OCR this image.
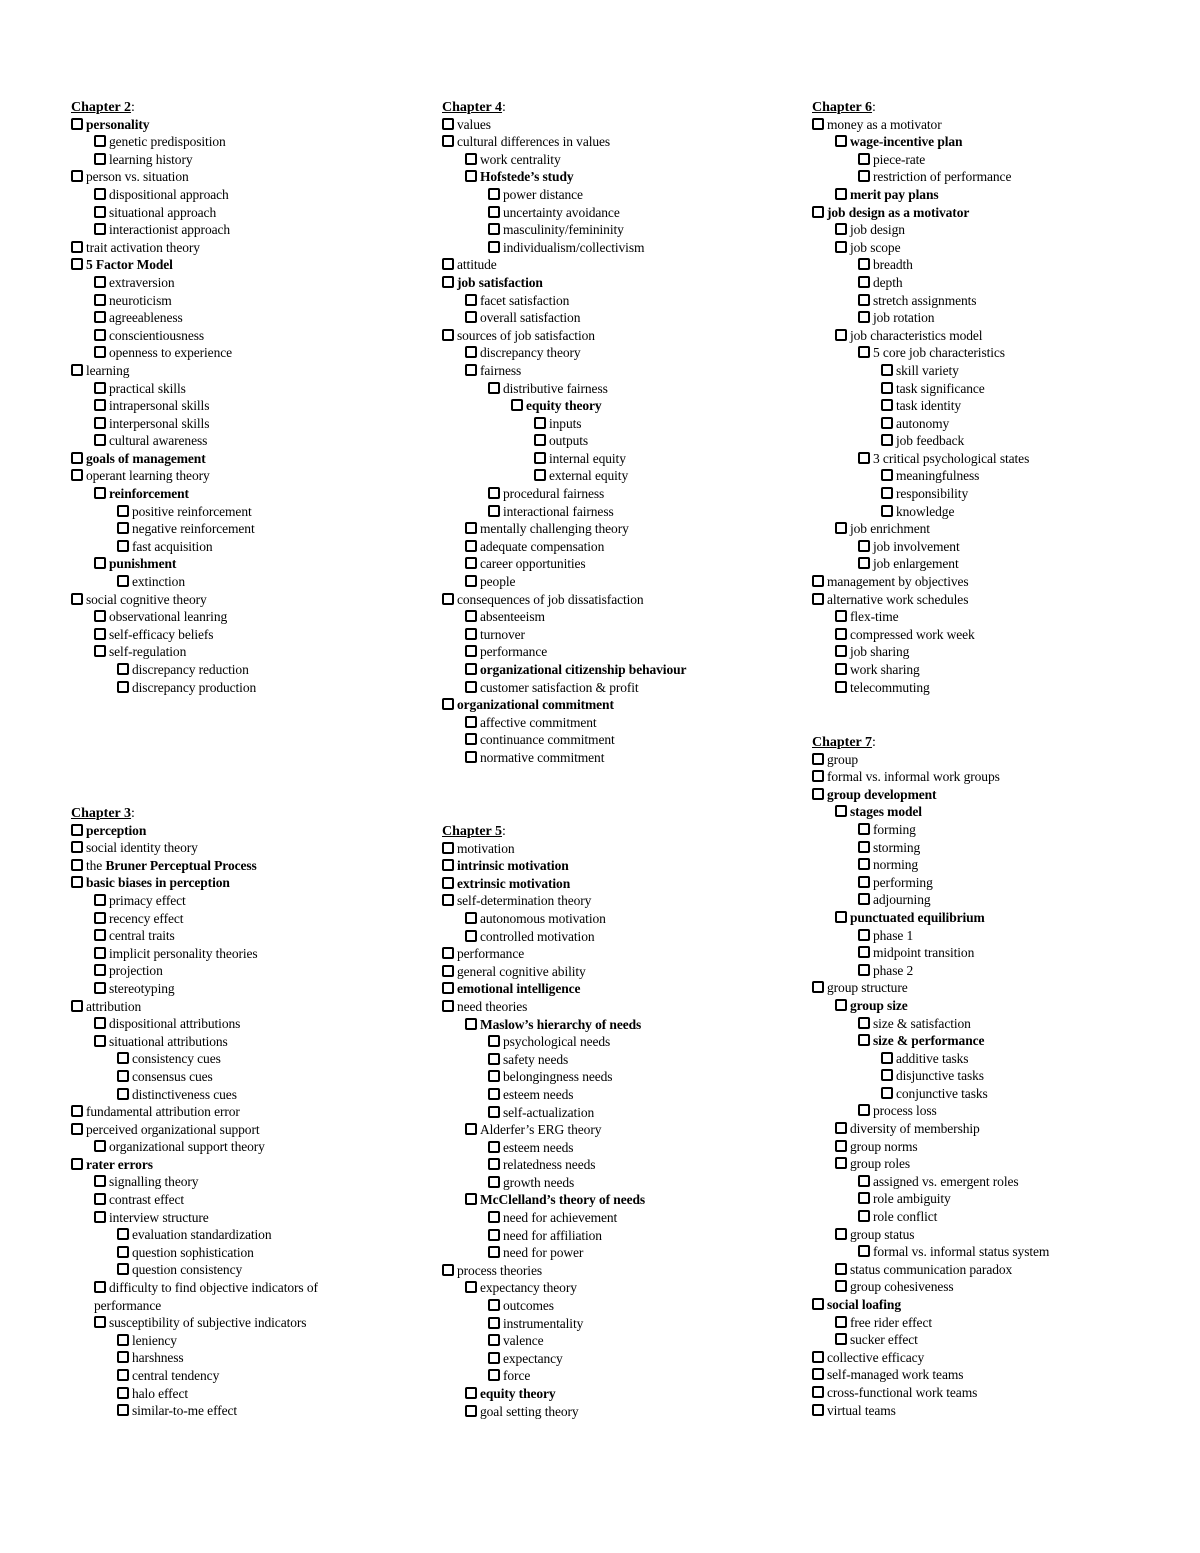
Chapter 2:
personality
genetic predisposition
learning history
person vs. situation
dispositional approach
situational approach
interactionist approach
trait activation theory
5 Factor Model
extraversion
neuroticism
agreeableness
conscientiousness
openness to experience
learning
practical skills
intrapersonal skills
interpersonal skills
cultural awareness
goals of management
operant learning theory
reinforcement
positive reinforcement
negative reinforcement
fast acquisition
punishment
extinction
social cognitive theory
observational leanring
self-efficacy beliefs
self-regulation
discrepancy reduction
discrepancy production
Chapter 3:
perception
social identity theory
the Bruner Perceptual Process
basic biases in perception
primacy effect
recency effect
central traits
implicit personality theories
projection
stereotyping
attribution
dispositional attributions
situational attributions
consistency cues
consensus cues
distinctiveness cues
fundamental attribution error
perceived organizational support
organizational support theory
rater errors
signalling theory
contrast effect
interview structure
evaluation standardization
question sophistication
question consistency
difficulty to find objective indicators of performance
susceptibility of subjective indicators
leniency
harshness
central tendency
halo effect
similar-to-me effect
Chapter 4:
values
cultural differences in values
work centrality
Hofstede’s study
power distance
uncertainty avoidance
masculinity/femininity
individualism/collectivism
attitude
job satisfaction
facet satisfaction
overall satisfaction
sources of job satisfaction
discrepancy theory
fairness
distributive fairness
equity theory
inputs
outputs
internal equity
external equity
procedural fairness
interactional fairness
mentally challenging theory
adequate compensation
career opportunities
people
consequences of job dissatisfaction
absenteeism
turnover
performance
organizational citizenship behaviour
customer satisfaction & profit
organizational commitment
affective commitment
continuance commitment
normative commitment
Chapter 5:
motivation
intrinsic motivation
extrinsic motivation
self-determination theory
autonomous motivation
controlled motivation
performance
general cognitive ability
emotional intelligence
need theories
Maslow’s hierarchy of needs
psychological needs
safety needs
belongingness needs
esteem needs
self-actualization
Alderfer’s ERG theory
esteem needs
relatedness needs
growth needs
McClelland’s theory of needs
need for achievement
need for affiliation
need for power
process theories
expectancy theory
outcomes
instrumentality
valence
expectancy
force
equity theory
goal setting theory
Chapter 6:
money as a motivator
wage-incentive plan
piece-rate
restriction of performance
merit pay plans
job design as a motivator
job design
job scope
breadth
depth
stretch assignments
job rotation
job characteristics model
5 core job characteristics
skill variety
task significance
task identity
autonomy
job feedback
3 critical psychological states
meaningfulness
responsibility
knowledge
job enrichment
job involvement
job enlargement
management by objectives
alternative work schedules
flex-time
compressed work week
job sharing
work sharing
telecommuting
Chapter 7:
group
formal vs. informal work groups
group development
stages model
forming
storming
norming
performing
adjourning
punctuated equilibrium
phase 1
midpoint transition
phase 2
group structure
group size
size & satisfaction
size & performance
additive tasks
disjunctive tasks
conjunctive tasks
process loss
diversity of membership
group norms
group roles
assigned vs. emergent roles
role ambiguity
role conflict
group status
formal vs. informal status system
status communication paradox
group cohesiveness
social loafing
free rider effect
sucker effect
collective efficacy
self-managed work teams
cross-functional work teams
virtual teams
